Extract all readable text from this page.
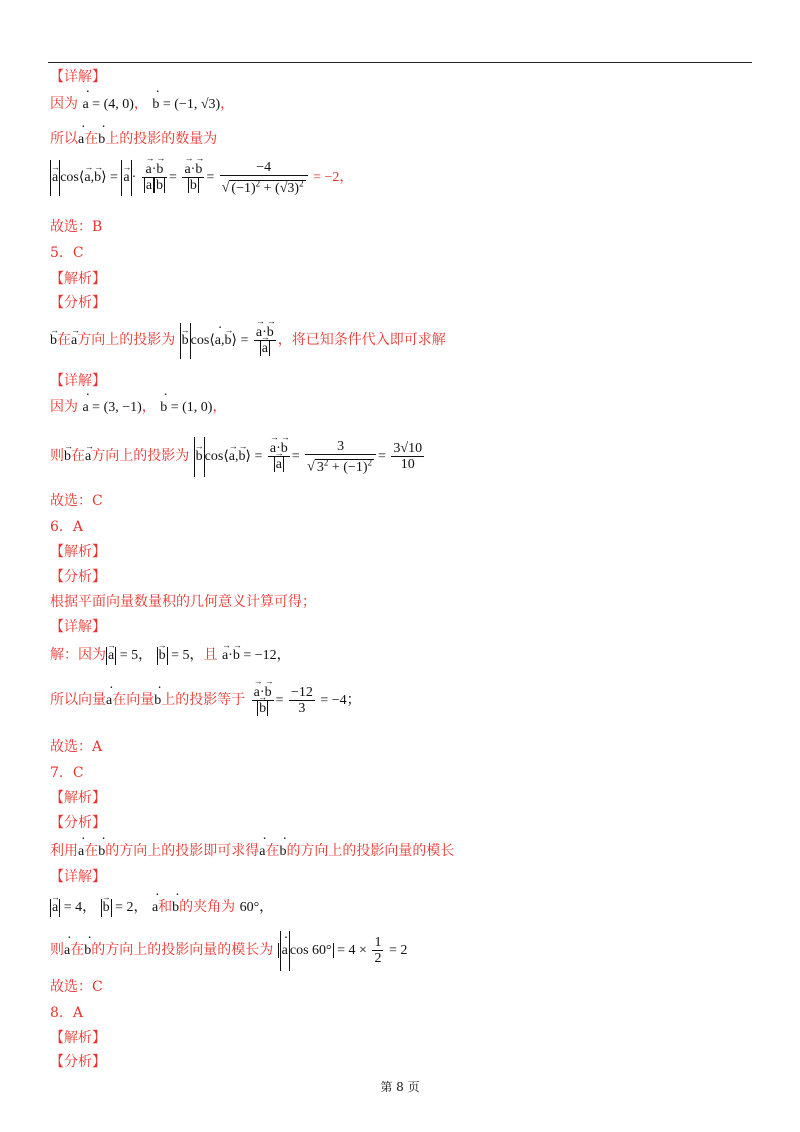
【详解】
因为 · a = (4, 0)， · b = (−1, √3)，
所以· a在· b上的投影的数量为
→ a cos⟨→ a,→ b⟩ = → a · → $\frac{a\cdot\to b}{\text{a b}}$ = → $\frac{a\cdot\to b}{b} = \frac{-4}{√ (-1)^2 + (√3)^2} = -2$，
故选：B
5．C
【解析】
【分析】
→ b在→ a方向上的投影为 → b cos⟨· a,→ b⟩ = → a·→ b
→ a ，将已知条件代入即可求解
【详解】
因为 · a = (3, −1)， · b = (1, 0)，
则→ b在→ a方向上的投影为 → b cos⟨→ a,→ b⟩ = → a·→ b
→ $a = \frac{3}{√ 3^2 + (-1)^2} = \frac{3√10}{10}$
故选：C
6．A
【解析】
【分析】
根据平面向量数量积的几何意义计算可得；
【详解】
解：因为 → a = 5， → b = 5，且 → a·→ b = −12，
所以向量· a在向量· b上的投影等于 → a·→ b
→ $b = \frac{-12}{3} = -4$；
故选：A
7．C
【解析】
【分析】
利用· a在· b的方向上的投影即可求得· a在· b的方向上的投影向量的模长
【详解】
→ a = 4， → b = 2， · a和· b的夹角为 60°，
则· a在· b的方向上的投影向量的模长为 · a $\cos 60^\circ = 4 \times \frac{1}{2} = 2$
故选：C
8．A
【解析】
【分析】
第 8 页
